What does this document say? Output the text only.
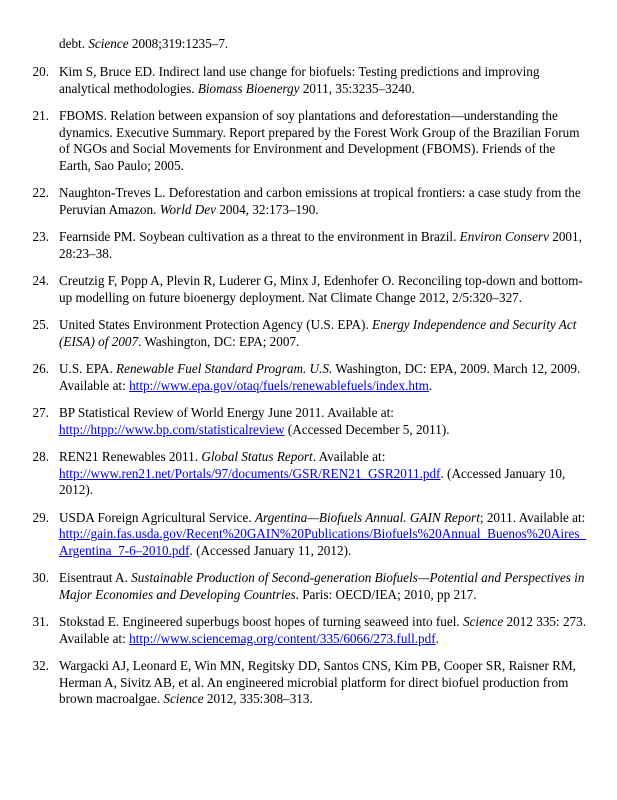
debt. Science 2008;319:1235–7.

20. Kim S, Bruce ED. Indirect land use change for biofuels: Testing predictions and improving analytical methodologies. Biomass Bioenergy 2011, 35:3235–3240.
21. FBOMS. Relation between expansion of soy plantations and deforestation—understanding the dynamics. Executive Summary. Report prepared by the Forest Work Group of the Brazilian Forum of NGOs and Social Movements for Environment and Development (FBOMS). Friends of the Earth, Sao Paulo; 2005.
22. Naughton-Treves L. Deforestation and carbon emissions at tropical frontiers: a case study from the Peruvian Amazon. World Dev 2004, 32:173–190.
23. Fearnside PM. Soybean cultivation as a threat to the environment in Brazil. Environ Conserv 2001, 28:23–38.
24. Creutzig F, Popp A, Plevin R, Luderer G, Minx J, Edenhofer O. Reconciling top-down and bottom-up modelling on future bioenergy deployment. Nat Climate Change 2012, 2/5:320–327.
25. United States Environment Protection Agency (U.S. EPA). Energy Independence and Security Act (EISA) of 2007. Washington, DC: EPA; 2007.
26. U.S. EPA. Renewable Fuel Standard Program. U.S. Washington, DC: EPA, 2009. March 12, 2009. Available at: http://www.epa.gov/otaq/fuels/renewablefuels/index.htm.
27. BP Statistical Review of World Energy June 2011. Available at: http://htpp://www.bp.com/statisticalreview (Accessed December 5, 2011).
28. REN21 Renewables 2011. Global Status Report. Available at: http://www.ren21.net/Portals/97/documents/GSR/REN21_GSR2011.pdf. (Accessed January 10, 2012).
29. USDA Foreign Agricultural Service. Argentina—Biofuels Annual. GAIN Report; 2011. Available at: http://gain.fas.usda.gov/Recent%20GAIN%20Publications/Biofuels%20Annual_Buenos%20Aires_Argentina_7-6–2010.pdf. (Accessed January 11, 2012).
30. Eisentraut A. Sustainable Production of Second-generation Biofuels—Potential and Perspectives in Major Economies and Developing Countries. Paris: OECD/IEA; 2010, pp 217.
31. Stokstad E. Engineered superbugs boost hopes of turning seaweed into fuel. Science 2012 335: 273. Available at: http://www.sciencemag.org/content/335/6066/273.full.pdf.
32. Wargacki AJ, Leonard E, Win MN, Regitsky DD, Santos CNS, Kim PB, Cooper SR, Raisner RM, Herman A, Sivitz AB, et al. An engineered microbial platform for direct biofuel production from brown macroalgae. Science 2012, 335:308–313.
